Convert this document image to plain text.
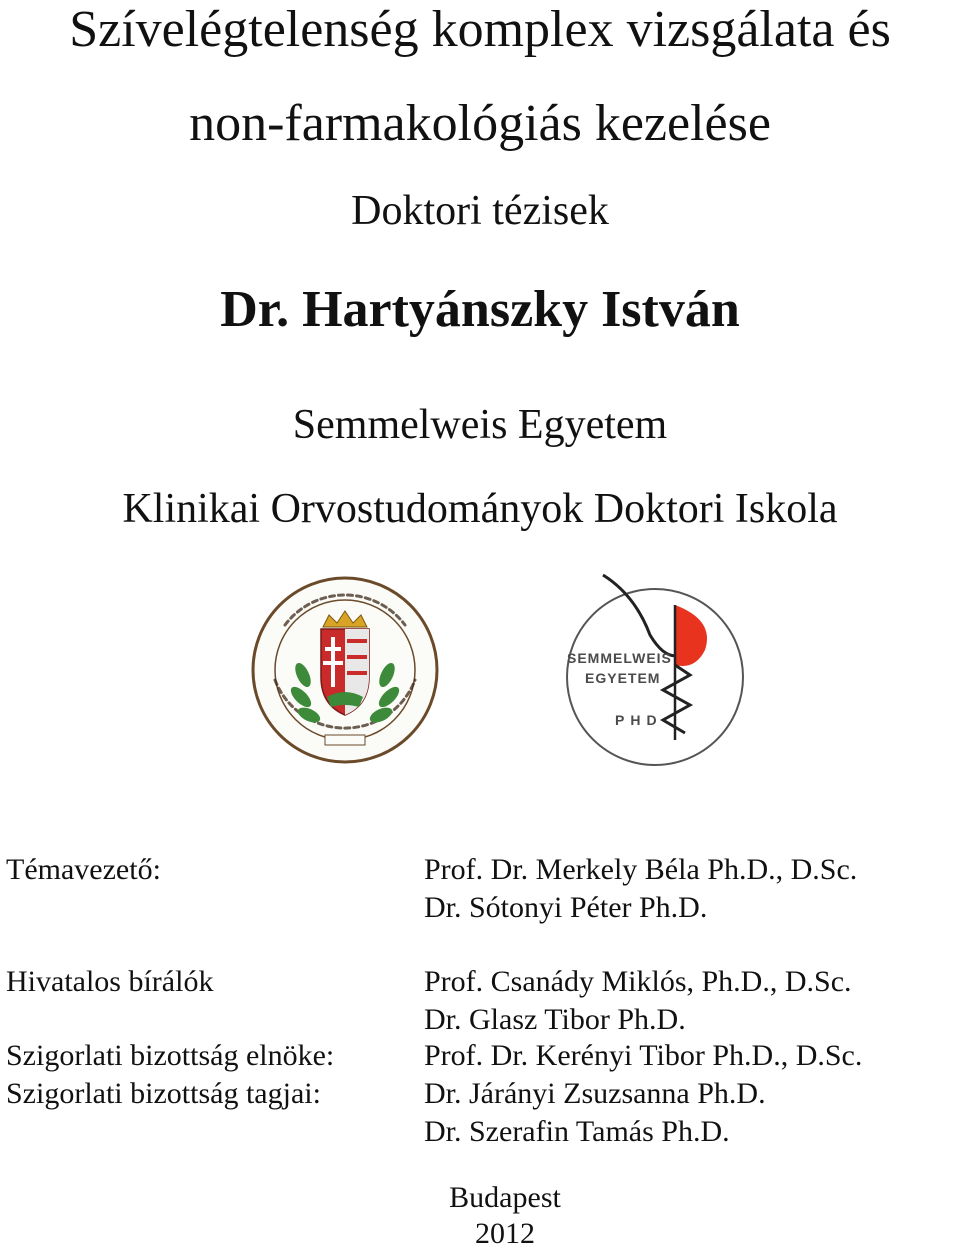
Szívelégtelenség komplex vizsgálata és
non-farmakológiás kezelése
Doktori tézisek
Dr. Hartyánszky István
Semmelweis Egyetem
Klinikai Orvostudományok Doktori Iskola
SEMMELWEIS
EGYETEM
PHD
Témavezető:	Prof. Dr. Merkely Béla Ph.D., D.Sc.
Dr. Sótonyi Péter Ph.D.
Hivatalos bírálók	Prof. Csanády Miklós, Ph.D., D.Sc.
Dr. Glasz Tibor Ph.D.
Szigorlati bizottság elnöke:	Prof. Dr. Kerényi Tibor Ph.D., D.Sc.
Szigorlati bizottság tagjai:	Dr. Járányi Zsuzsanna Ph.D.
Dr. Szerafin Tamás Ph.D.
Budapest
2012
